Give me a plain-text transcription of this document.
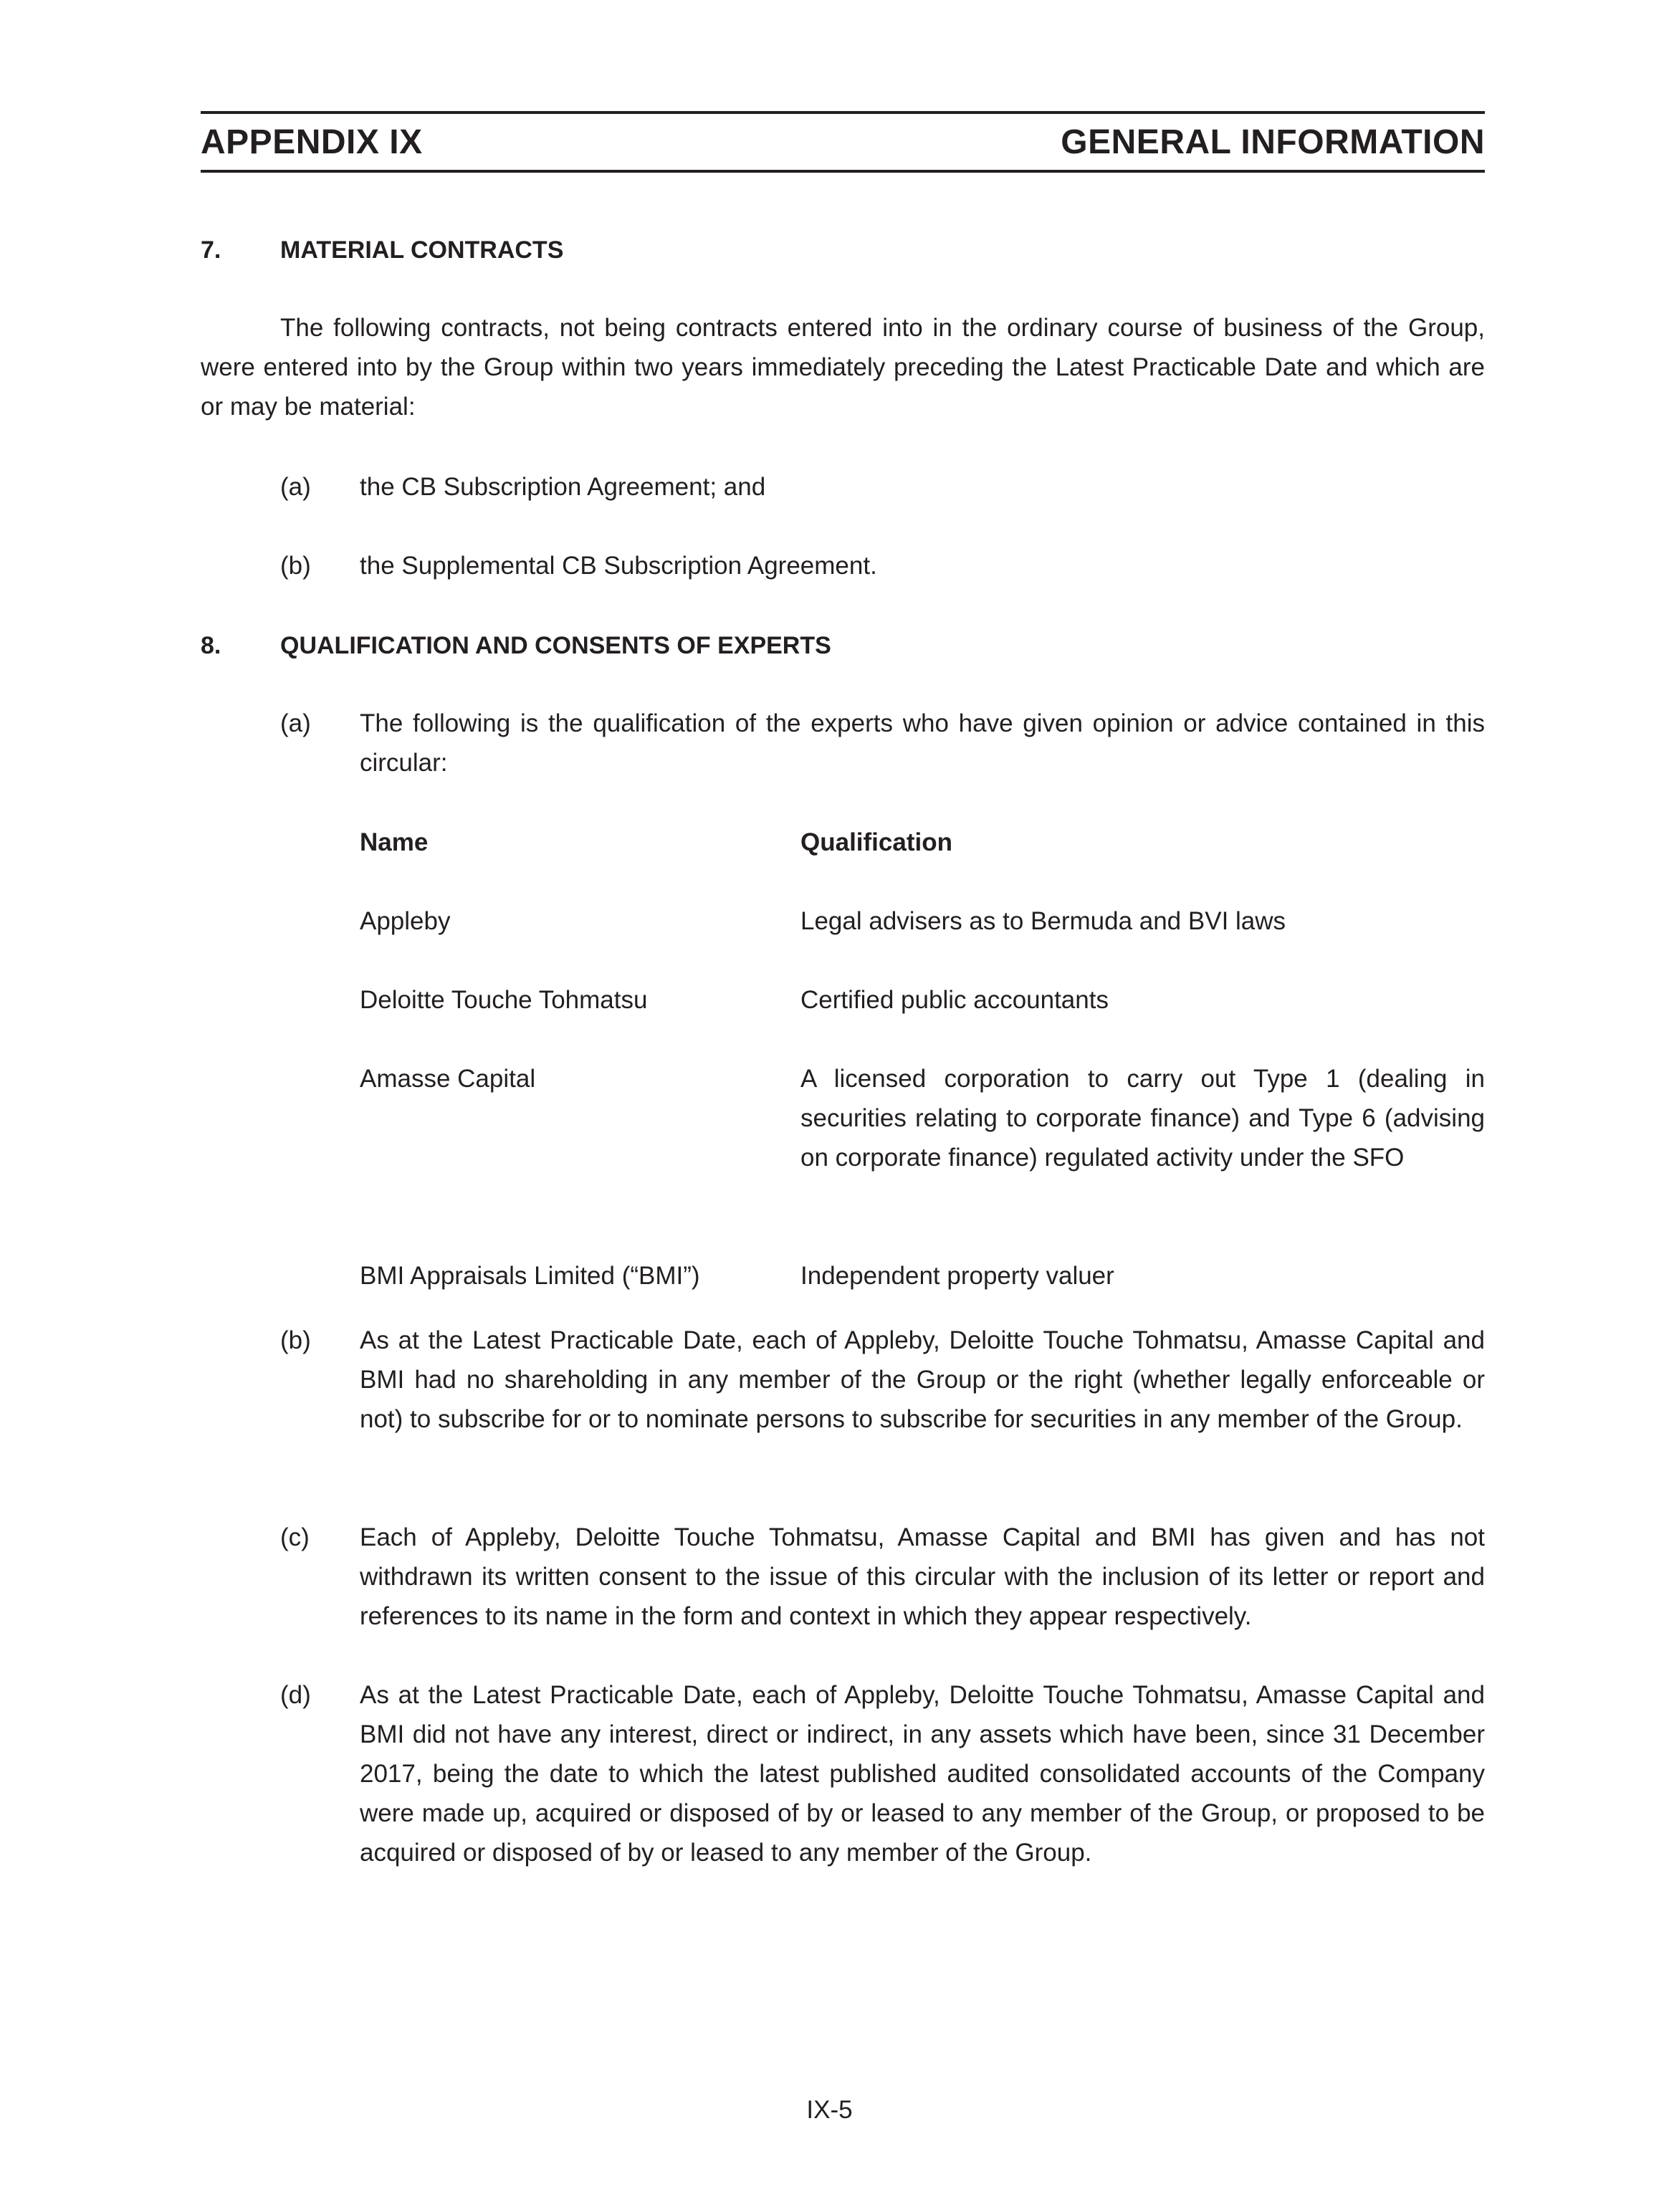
APPENDIX IX	GENERAL INFORMATION
7. MATERIAL CONTRACTS
The following contracts, not being contracts entered into in the ordinary course of business of the Group, were entered into by the Group within two years immediately preceding the Latest Practicable Date and which are or may be material:
(a) the CB Subscription Agreement; and
(b) the Supplemental CB Subscription Agreement.
8. QUALIFICATION AND CONSENTS OF EXPERTS
(a) The following is the qualification of the experts who have given opinion or advice contained in this circular:
Name	Qualification
Appleby	Legal advisers as to Bermuda and BVI laws
Deloitte Touche Tohmatsu	Certified public accountants
Amasse Capital	A licensed corporation to carry out Type 1 (dealing in securities relating to corporate finance) and Type 6 (advising on corporate finance) regulated activity under the SFO
BMI Appraisals Limited (“BMI”)	Independent property valuer
(b) As at the Latest Practicable Date, each of Appleby, Deloitte Touche Tohmatsu, Amasse Capital and BMI had no shareholding in any member of the Group or the right (whether legally enforceable or not) to subscribe for or to nominate persons to subscribe for securities in any member of the Group.
(c) Each of Appleby, Deloitte Touche Tohmatsu, Amasse Capital and BMI has given and has not withdrawn its written consent to the issue of this circular with the inclusion of its letter or report and references to its name in the form and context in which they appear respectively.
(d) As at the Latest Practicable Date, each of Appleby, Deloitte Touche Tohmatsu, Amasse Capital and BMI did not have any interest, direct or indirect, in any assets which have been, since 31 December 2017, being the date to which the latest published audited consolidated accounts of the Company were made up, acquired or disposed of by or leased to any member of the Group, or proposed to be acquired or disposed of by or leased to any member of the Group.
IX-5
